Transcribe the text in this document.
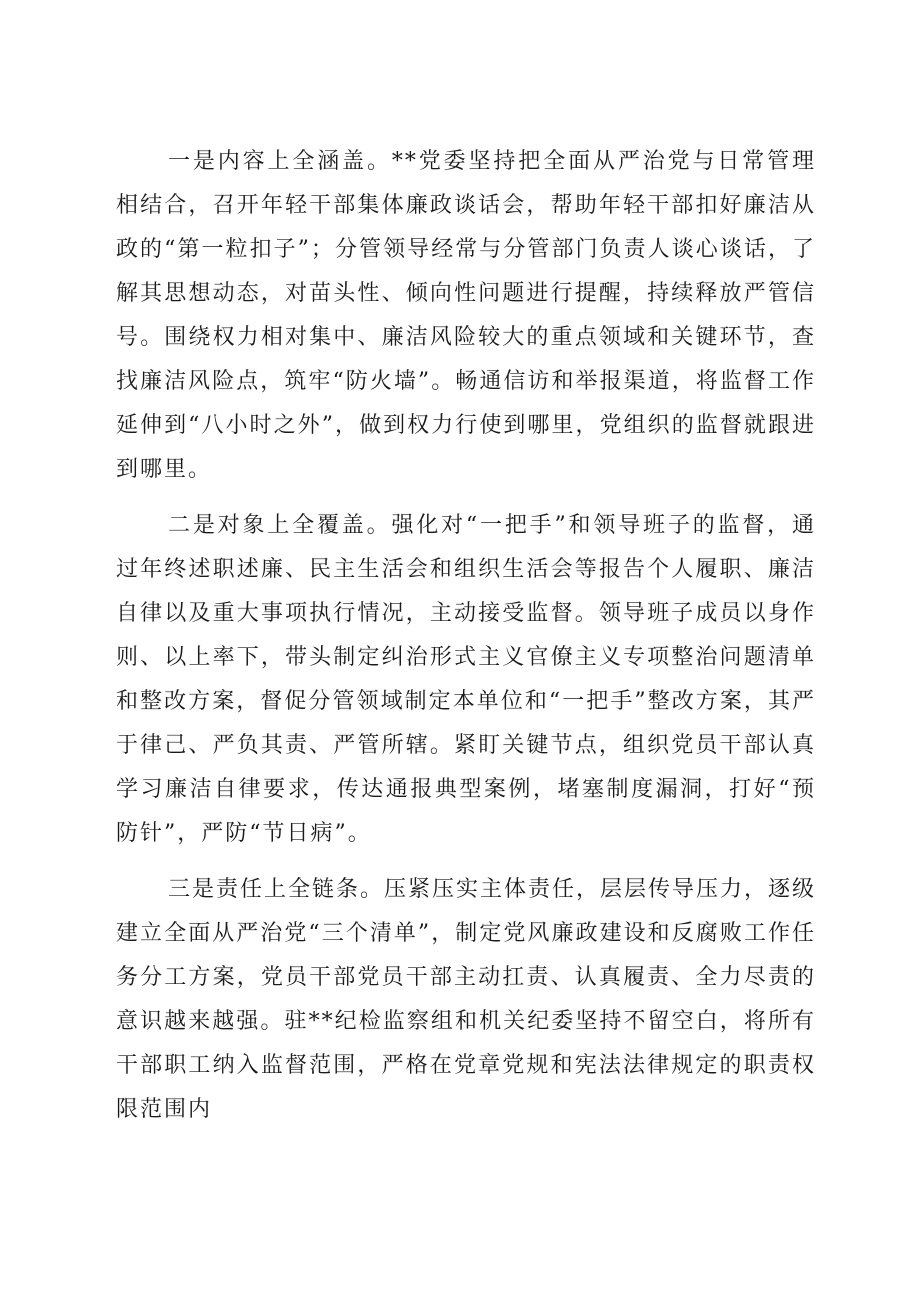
一是内容上全涵盖。**党委坚持把全面从严治党与日常管理相结合，召开年轻干部集体廉政谈话会，帮助年轻干部扣好廉洁从政的“第一粒扣子”；分管领导经常与分管部门负责人谈心谈话，了解其思想动态，对苗头性、倾向性问题进行提醒，持续释放严管信号。围绕权力相对集中、廉洁风险较大的重点领域和关键环节，查找廉洁风险点，筑牢“防火墙”。畅通信访和举报渠道，将监督工作延伸到“八小时之外”，做到权力行使到哪里，党组织的监督就跟进到哪里。

二是对象上全覆盖。强化对“一把手”和领导班子的监督，通过年终述职述廉、民主生活会和组织生活会等报告个人履职、廉洁自律以及重大事项执行情况，主动接受监督。领导班子成员以身作则、以上率下，带头制定纠治形式主义官僚主义专项整治问题清单和整改方案，督促分管领域制定本单位和“一把手”整改方案，其严于律己、严负其责、严管所辖。紧盯关键节点，组织党员干部认真学习廉洁自律要求，传达通报典型案例，堵塞制度漏洞，打好“预防针”，严防“节日病”。

三是责任上全链条。压紧压实主体责任，层层传导压力，逐级建立全面从严治党“三个清单”，制定党风廉政建设和反腐败工作任务分工方案，党员干部党员干部主动扛责、认真履责、全力尽责的意识越来越强。驻**纪检监察组和机关纪委坚持不留空白，将所有干部职工纳入监督范围，严格在党章党规和宪法法律规定的职责权限范围内
